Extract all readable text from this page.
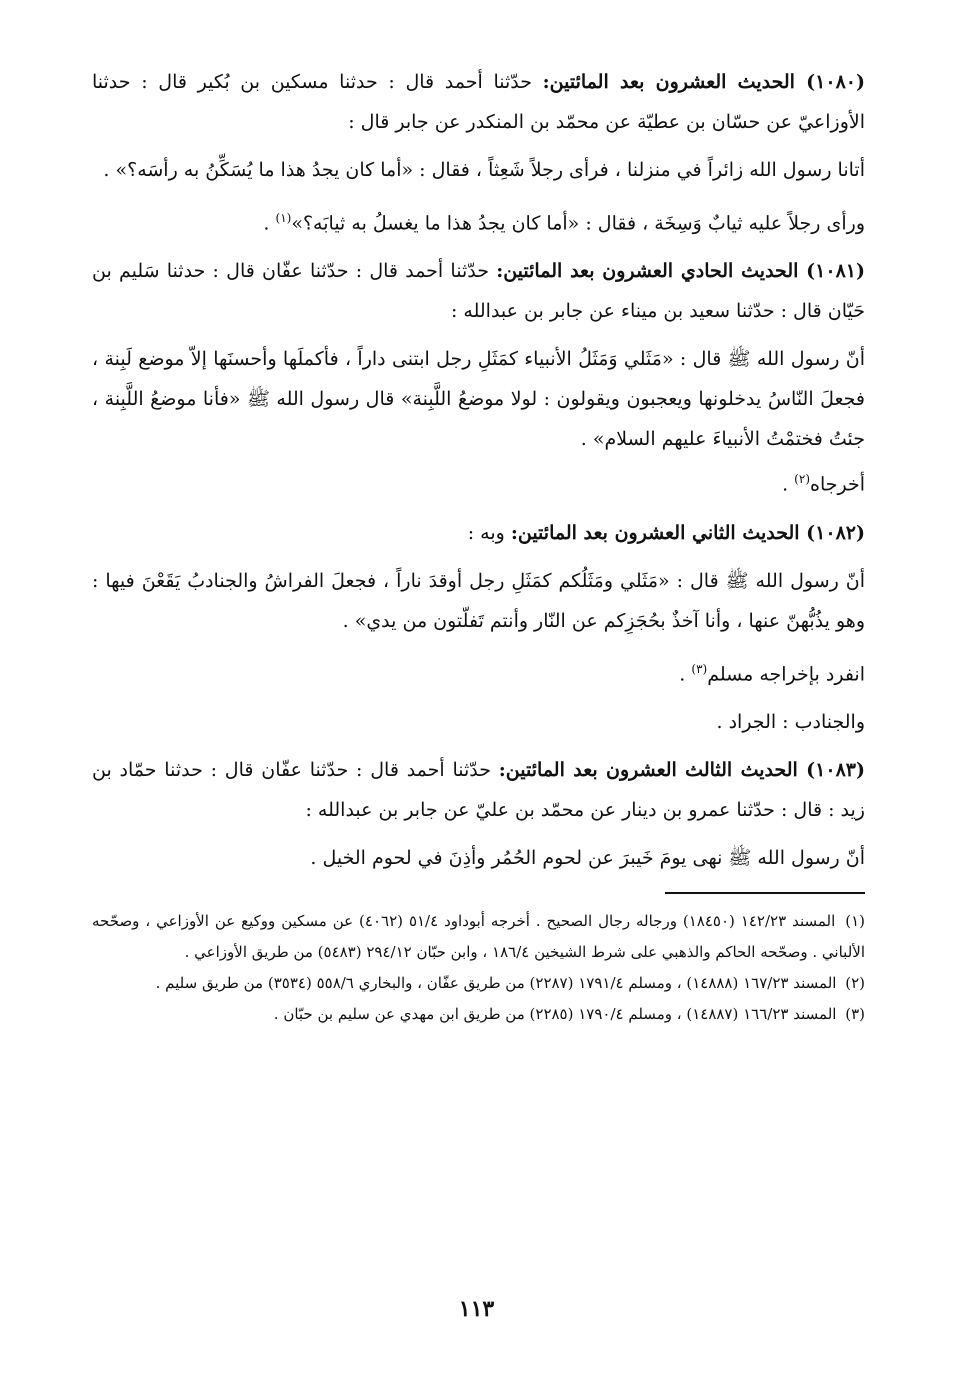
(١٠٨٠) الحديث العشرون بعد المائتين: حدّثنا أحمد قال : حدثنا مسكين بن بُكير قال : حدثنا الأوزاعيّ عن حسّان بن عطيّة عن محمّد بن المنكدر عن جابر قال :

أتانا رسول الله زائراً في منزلنا ، فرأى رجلاً شَعِثاً ، فقال : «أما كان يجدُ هذا ما يُسَكِّنُ به رأسَه؟» .

ورأى رجلاً عليه ثيابٌ وَسِخَة ، فقال : «أما كان يجدُ هذا ما يغسلُ به ثيابَه؟»$^{(١)}$ .

(١٠٨١) الحديث الحادي العشرون بعد المائتين: حدّثنا أحمد قال : حدّثنا عفّان قال : حدثنا سَليم بن حَيّان قال : حدّثنا سعيد بن ميناء عن جابر بن عبدالله :

أنّ رسول الله ﷺ قال : «مَثَلي وَمَثَلُ الأنبياء كمَثَلِ رجل ابتنى داراً ، فأكملَها وأحسنَها إلاّ موضع لَبِنة ، فجعلَ النّاسُ يدخلونها ويعجبون ويقولون : لولا موضعُ اللَّبِنة» قال رسول الله ﷺ «فأنا موضعُ اللَّبِنة ، جئتُ فختمْتُ الأنبياءَ عليهم السلام» .

أخرجاه$^{(٢)}$ .

(١٠٨٢) الحديث الثاني العشرون بعد المائتين: وبه :

أنّ رسول الله ﷺ قال : «مَثَلي ومَثَلُكم كمَثَلِ رجل أوقدَ ناراً ، فجعلَ الفراشُ والجنادبُ يَقَعْنَ فيها : وهو يذُبُّهنّ عنها ، وأنا آخذٌ بحُجَزِكم عن النّار وأنتم تَفلّتون من يدي» .

انفرد بإخراجه مسلم$^{(٣)}$ .

والجنادب : الجراد .

(١٠٨٣) الحديث الثالث العشرون بعد المائتين: حدّثنا أحمد قال : حدّثنا عفّان قال : حدثنا حمّاد بن زيد : قال : حدّثنا عمرو بن دينار عن محمّد بن عليّ عن جابر بن عبدالله :

أنّ رسول الله ﷺ نهى يومَ خَيبرَ عن لحوم الحُمُر وأذِنَ في لحوم الخيل .

(١) المسند ١٤٢/٢٣ (١٨٤٥٠) ورجاله رجال الصحيح . أخرجه أبوداود ٥١/٤ (٤٠٦٢) عن مسكين ووكيع عن الأوزاعي ، وصحّحه الألباني . وصحّحه الحاكم والذهبي على شرط الشيخين ١٨٦/٤ ، وابن حبّان ٢٩٤/١٢ (٥٤٨٣) من طريق الأوزاعي .

(٢) المسند ١٦٧/٢٣ (١٤٨٨٨) ، ومسلم ١٧٩١/٤ (٢٢٨٧) من طريق عفّان ، والبخاري ٥٥٨/٦ (٣٥٣٤) من طريق سليم .

(٣) المسند ١٦٦/٢٣ (١٤٨٨٧) ، ومسلم ١٧٩٠/٤ (٢٢٨٥) من طريق ابن مهدي عن سليم بن حبّان .

١١٣
